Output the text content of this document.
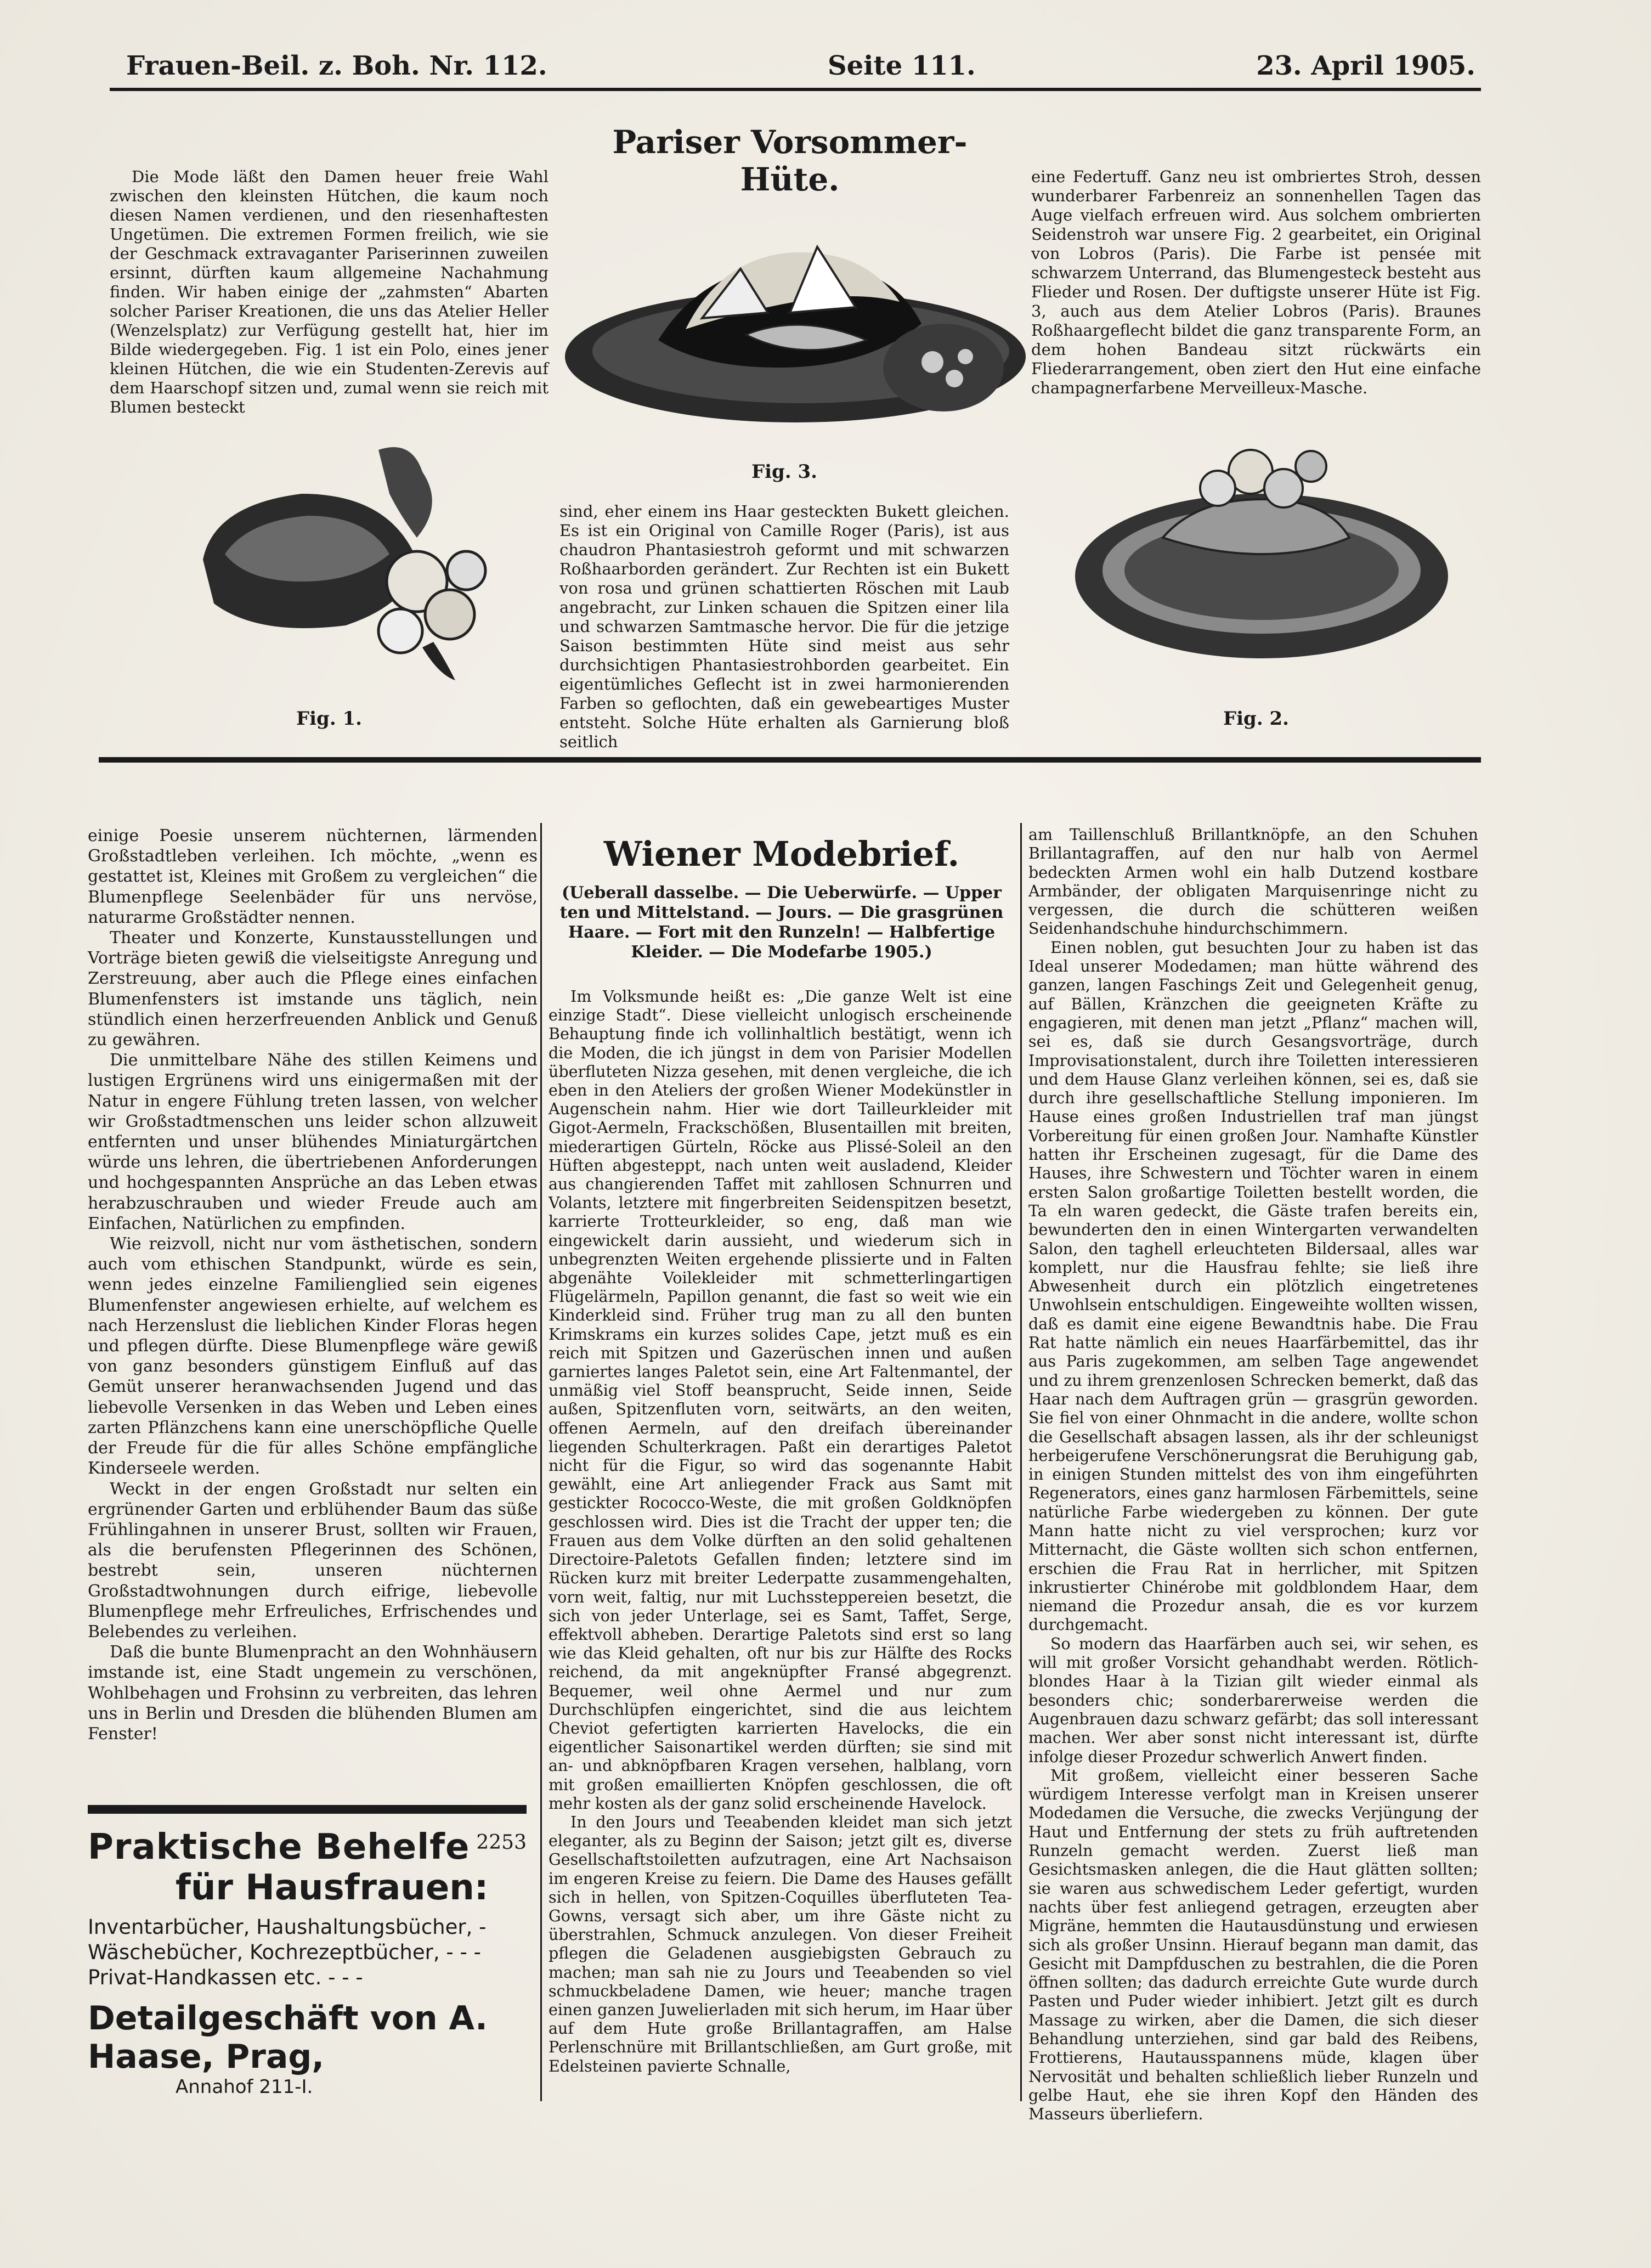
Frauen-Beil. z. Boh. Nr. 112.	Seite 111.	23. April 1905.
Pariser Vorsommer-Hüte.

Die Mode läßt den Damen heuer freie Wahl zwischen den kleinsten Hütchen, die kaum noch diesen Namen verdienen, und den riesenhaftesten Ungetümen. Die extremen Formen freilich, wie sie der Geschmack extravaganter Pariserinnen zuweilen ersinnt, dürften kaum allgemeine Nachahmung finden. Wir haben einige der „zahmsten“ Abarten solcher Pariser Kreationen, die uns das Atelier Heller (Wenzelsplatz) zur Verfügung gestellt hat, hier im Bilde wiedergegeben. Fig. 1 ist ein Polo, eines jener kleinen Hütchen, die wie ein Studenten-Zerevis auf dem Haarschopf sitzen und, zumal wenn sie reich mit Blumen besteckt

eine Federtuff. Ganz neu ist ombriertes Stroh, dessen wunderbarer Farbenreiz an sonnenhellen Tagen das Auge vielfach erfreuen wird. Aus solchem ombrierten Seidenstroh war unsere Fig. 2 gearbeitet, ein Original von Lobros (Paris). Die Farbe ist pensée mit schwarzem Unterrand, das Blumengesteck besteht aus Flieder und Rosen. Der duftigste unserer Hüte ist Fig. 3, auch aus dem Atelier Lobros (Paris). Braunes Roßhaargeflecht bildet die ganz transparente Form, an dem hohen Bandeau sitzt rückwärts ein Fliederarrangement, oben ziert den Hut eine einfache champagnerfarbene Merveilleux-Masche.

sind, eher einem ins Haar gesteckten Bukett gleichen. Es ist ein Original von Camille Roger (Paris), ist aus chaudron Phantasiestroh geformt und mit schwarzen Roßhaarborden gerändert. Zur Rechten ist ein Bukett von rosa und grünen schattierten Röschen mit Laub angebracht, zur Linken schauen die Spitzen einer lila und schwarzen Samtmasche hervor. Die für die jetzige Saison bestimmten Hüte sind meist aus sehr durchsichtigen Phantasiestrohborden gearbeitet. Ein eigentümliches Geflecht ist in zwei harmonierenden Farben so geflochten, daß ein gewebeartiges Muster entsteht. Solche Hüte erhalten als Garnierung bloß seitlich

Fig. 3.
Fig. 1.	Fig. 2.

einige Poesie unserem nüchternen, lärmenden Großstadtleben verleihen. Ich möchte, „wenn es gestattet ist, Kleines mit Großem zu vergleichen“ die Blumenpflege Seelenbäder für uns nervöse, naturarme Großstädter nennen.

Theater und Konzerte, Kunstausstellungen und Vorträge bieten gewiß die vielseitigste Anregung und Zerstreuung, aber auch die Pflege eines einfachen Blumenfensters ist imstande uns täglich, nein stündlich einen herzerfreuenden Anblick und Genuß zu gewähren.

Die unmittelbare Nähe des stillen Keimens und lustigen Ergrünens wird uns einigermaßen mit der Natur in engere Fühlung treten lassen, von welcher wir Großstadtmenschen uns leider schon allzuweit entfernten und unser blühendes Miniaturgärtchen würde uns lehren, die übertriebenen Anforderungen und hochgespannten Ansprüche an das Leben etwas herabzuschrauben und wieder Freude auch am Einfachen, Natürlichen zu empfinden.

Wie reizvoll, nicht nur vom ästhetischen, sondern auch vom ethischen Standpunkt, würde es sein, wenn jedes einzelne Familienglied sein eigenes Blumenfenster angewiesen erhielte, auf welchem es nach Herzenslust die lieblichen Kinder Floras hegen und pflegen dürfte. Diese Blumenpflege wäre gewiß von ganz besonders günstigem Einfluß auf das Gemüt unserer heranwachsenden Jugend und das liebevolle Versenken in das Weben und Leben eines zarten Pflänzchens kann eine unerschöpfliche Quelle der Freude für die für alles Schöne empfängliche Kinderseele werden.

Weckt in der engen Großstadt nur selten ein ergrünender Garten und erblühender Baum das süße Frühlingahnen in unserer Brust, sollten wir Frauen, als die berufensten Pflegerinnen des Schönen, bestrebt sein, unseren nüchternen Großstadtwohnungen durch eifrige, liebevolle Blumenpflege mehr Erfreuliches, Erfrischendes und Belebendes zu verleihen.

Daß die bunte Blumenpracht an den Wohnhäusern imstande ist, eine Stadt ungemein zu verschönen, Wohlbehagen und Frohsinn zu verbreiten, das lehren uns in Berlin und Dresden die blühenden Blumen am Fenster!

2253
Praktische Behelfe
für Hausfrauen:
Inventarbücher, Haushaltungsbücher, - Wäschebücher, Kochrezeptbücher, - - - Privat-Handkassen etc. - - -
Detailgeschäft von A. Haase, Prag,
Annahof 211-I.
Wiener Modebrief.

(Ueberall dasselbe. — Die Ueberwürfe. — Upper ten und Mittelstand. — Jours. — Die grasgrünen Haare. — Fort mit den Runzeln! — Halbfertige Kleider. — Die Modefarbe 1905.)

Im Volksmunde heißt es: „Die ganze Welt ist eine einzige Stadt“. Diese vielleicht unlogisch erscheinende Behauptung finde ich vollinhaltlich bestätigt, wenn ich die Moden, die ich jüngst in dem von Parisier Modellen überfluteten Nizza gesehen, mit denen vergleiche, die ich eben in den Ateliers der großen Wiener Modekünstler in Augenschein nahm. Hier wie dort Tailleurkleider mit Gigot-Aermeln, Frackschößen, Blusentaillen mit breiten, miederartigen Gürteln, Röcke aus Plissé-Soleil an den Hüften abgesteppt, nach unten weit ausladend, Kleider aus changierenden Taffet mit zahllosen Schnurren und Volants, letztere mit fingerbreiten Seidenspitzen besetzt, karrierte Trotteurkleider, so eng, daß man wie eingewickelt darin aussieht, und wiederum sich in unbegrenzten Weiten ergehende plissierte und in Falten abgenähte Voilekleider mit schmetterlingartigen Flügelärmeln, Papillon genannt, die fast so weit wie ein Kinderkleid sind. Früher trug man zu all den bunten Krimskrams ein kurzes solides Cape, jetzt muß es ein reich mit Spitzen und Gazerüschen innen und außen garniertes langes Paletot sein, eine Art Faltenmantel, der unmäßig viel Stoff beansprucht, Seide innen, Seide außen, Spitzenfluten vorn, seitwärts, an den weiten, offenen Aermeln, auf den dreifach übereinander liegenden Schulterkragen. Paßt ein derartiges Paletot nicht für die Figur, so wird das sogenannte Habit gewählt, eine Art anliegender Frack aus Samt mit gestickter Rococco-Weste, die mit großen Goldknöpfen geschlossen wird. Dies ist die Tracht der upper ten; die Frauen aus dem Volke dürften an den solid gehaltenen Directoire-Paletots Gefallen finden; letztere sind im Rücken kurz mit breiter Lederpatte zusammengehalten, vorn weit, faltig, nur mit Luchssteppereien besetzt, die sich von jeder Unterlage, sei es Samt, Taffet, Serge, effektvoll abheben. Derartige Paletots sind erst so lang wie das Kleid gehalten, oft nur bis zur Hälfte des Rocks reichend, da mit angeknüpfter Fransé abgegrenzt. Bequemer, weil ohne Aermel und nur zum Durchschlüpfen eingerichtet, sind die aus leichtem Cheviot gefertigten karrierten Havelocks, die ein eigentlicher Saisonartikel werden dürften; sie sind mit an- und abknöpfbaren Kragen versehen, halblang, vorn mit großen emaillierten Knöpfen geschlossen, die oft mehr kosten als der ganz solid erscheinende Havelock.

In den Jours und Teeabenden kleidet man sich jetzt eleganter, als zu Beginn der Saison; jetzt gilt es, diverse Gesellschaftstoiletten aufzutragen, eine Art Nachsaison im engeren Kreise zu feiern. Die Dame des Hauses gefällt sich in hellen, von Spitzen-Coquilles überfluteten Tea-Gowns, versagt sich aber, um ihre Gäste nicht zu überstrahlen, Schmuck anzulegen. Von dieser Freiheit pflegen die Geladenen ausgiebigsten Gebrauch zu machen; man sah nie zu Jours und Teeabenden so viel schmuckbeladene Damen, wie heuer; manche tragen einen ganzen Juwelierladen mit sich herum, im Haar über auf dem Hute große Brillantagraffen, am Halse Perlenschnüre mit Brillantschließen, am Gurt große, mit Edelsteinen pavierte Schnalle,

am Taillenschluß Brillantknöpfe, an den Schuhen Brillantagraffen, auf den nur halb von Aermel bedeckten Armen wohl ein halb Dutzend kostbare Armbänder, der obligaten Marquisenringe nicht zu vergessen, die durch die schütteren weißen Seidenhandschuhe hindurchschimmern.

Einen noblen, gut besuchten Jour zu haben ist das Ideal unserer Modedamen; man hütte während des ganzen, langen Faschings Zeit und Gelegenheit genug, auf Bällen, Kränzchen die geeigneten Kräfte zu engagieren, mit denen man jetzt „Pflanz“ machen will, sei es, daß sie durch Gesangsvorträge, durch Improvisationstalent, durch ihre Toiletten interessieren und dem Hause Glanz verleihen können, sei es, daß sie durch ihre gesellschaftliche Stellung imponieren. Im Hause eines großen Industriellen traf man jüngst Vorbereitung für einen großen Jour. Namhafte Künstler hatten ihr Erscheinen zugesagt, für die Dame des Hauses, ihre Schwestern und Töchter waren in einem ersten Salon großartige Toiletten bestellt worden, die Ta eln waren gedeckt, die Gäste trafen bereits ein, bewunderten den in einen Wintergarten verwandelten Salon, den taghell erleuchteten Bildersaal, alles war komplett, nur die Hausfrau fehlte; sie ließ ihre Abwesenheit durch ein plötzlich eingetretenes Unwohlsein entschuldigen. Eingeweihte wollten wissen, daß es damit eine eigene Bewandtnis habe. Die Frau Rat hatte nämlich ein neues Haarfärbemittel, das ihr aus Paris zugekommen, am selben Tage angewendet und zu ihrem grenzenlosen Schrecken bemerkt, daß das Haar nach dem Auftragen grün — grasgrün geworden. Sie fiel von einer Ohnmacht in die andere, wollte schon die Gesellschaft absagen lassen, als ihr der schleunigst herbeigerufene Verschönerungsrat die Beruhigung gab, in einigen Stunden mittelst des von ihm eingeführten Regenerators, eines ganz harmlosen Färbemittels, seine natürliche Farbe wiedergeben zu können. Der gute Mann hatte nicht zu viel versprochen; kurz vor Mitternacht, die Gäste wollten sich schon entfernen, erschien die Frau Rat in herrlicher, mit Spitzen inkrustierter Chinérobe mit goldblondem Haar, dem niemand die Prozedur ansah, die es vor kurzem durchgemacht.

So modern das Haarfärben auch sei, wir sehen, es will mit großer Vorsicht gehandhabt werden. Rötlich-blondes Haar à la Tizian gilt wieder einmal als besonders chic; sonderbarerweise werden die Augenbrauen dazu schwarz gefärbt; das soll interessant machen. Wer aber sonst nicht interessant ist, dürfte infolge dieser Prozedur schwerlich Anwert finden.

Mit großem, vielleicht einer besseren Sache würdigem Interesse verfolgt man in Kreisen unserer Modedamen die Versuche, die zwecks Verjüngung der Haut und Entfernung der stets zu früh auftretenden Runzeln gemacht werden. Zuerst ließ man Gesichtsmasken anlegen, die die Haut glätten sollten; sie waren aus schwedischem Leder gefertigt, wurden nachts über fest anliegend getragen, erzeugten aber Migräne, hemmten die Hautausdünstung und erwiesen sich als großer Unsinn. Hierauf begann man damit, das Gesicht mit Dampfduschen zu bestrahlen, die die Poren öffnen sollten; das dadurch erreichte Gute wurde durch Pasten und Puder wieder inhibiert. Jetzt gilt es durch Massage zu wirken, aber die Damen, die sich dieser Behandlung unterziehen, sind gar bald des Reibens, Frottierens, Hautausspannens müde, klagen über Nervosität und behalten schließlich lieber Runzeln und gelbe Haut, ehe sie ihren Kopf den Händen des Masseurs überliefern.
